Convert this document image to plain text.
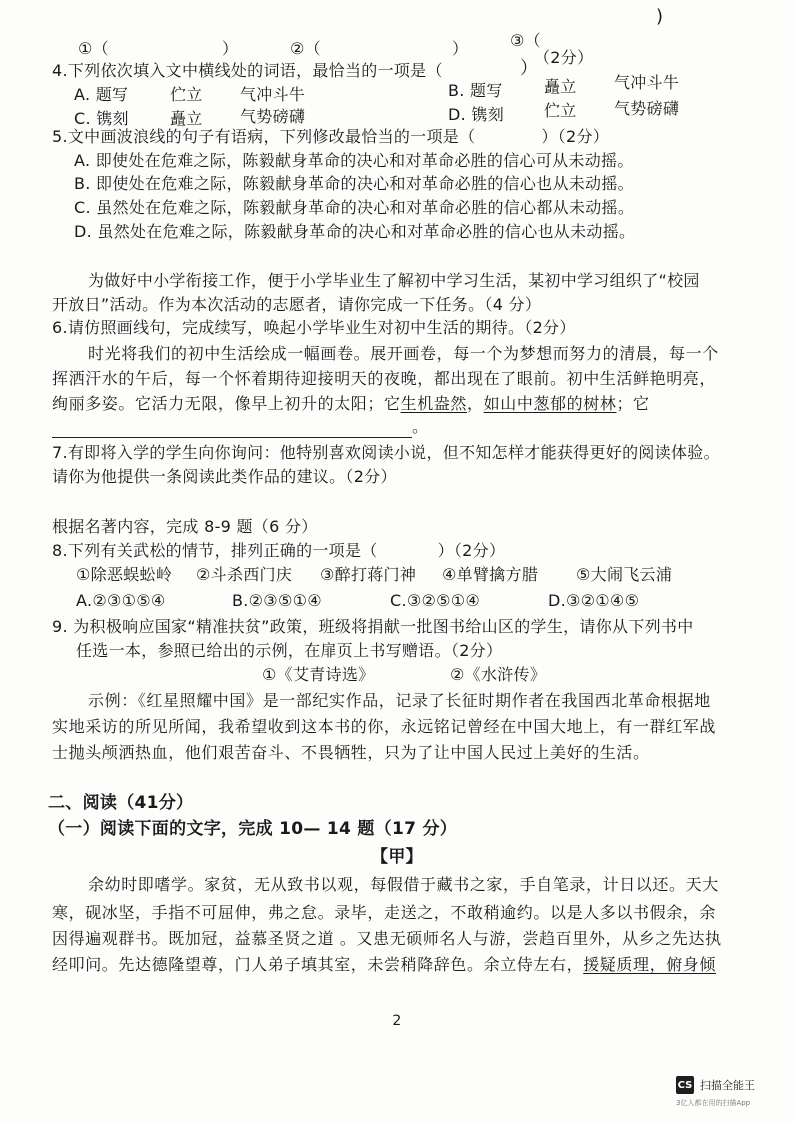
)
①（	）	②（	）	③（
（2分）
4.下列依次填入文中横线处的词语，最恰当的一项是（	）
A. 题写	伫立 气冲斗牛	B. 题写	矗立 气冲斗牛
C. 镌刻	矗立 气势磅礴	D. 镌刻	伫立 气势磅礴
5.文中画波浪线的句子有语病，下列修改最恰当的一项是（	）（2分）
A. 即使处在危难之际，陈毅献身革命的决心和对革命必胜的信心可从未动摇。
B. 即使处在危难之际，陈毅献身革命的决心和对革命必胜的信心也从未动摇。
C. 虽然处在危难之际，陈毅献身革命的决心和对革命必胜的信心都从未动摇。
D. 虽然处在危难之际，陈毅献身革命的决心和对革命必胜的信心也从未动摇。
为做好中小学衔接工作，便于小学毕业生了解初中学习生活，某初中学习组织了“校园
开放日”活动。作为本次活动的志愿者，请你完成一下任务。（4 分）
6.请仿照画线句，完成续写，唤起小学毕业生对初中生活的期待。（2分）
时光将我们的初中生活绘成一幅画卷。展开画卷，每一个为梦想而努力的清晨，每一个
挥洒汗水的午后，每一个怀着期待迎接明天的夜晚，都出现在了眼前。初中生活鲜艳明亮，
绚丽多姿。它活力无限，像早上初升的太阳；它生机盎然，如山中葱郁的树林；它
。
7.有即将入学的学生向你询问：他特别喜欢阅读小说，但不知怎样才能获得更好的阅读体验。
请你为他提供一条阅读此类作品的建议。（2分）
根据名著内容，完成 8-9 题（6 分）
8.下列有关武松的情节，排列正确的一项是（	）（2分）
①除恶蜈蚣岭 ②斗杀西门庆 ③醉打蒋门神 ④单臂擒方腊 ⑤大闹飞云浦
A.②③①⑤④	B.②③⑤①④	C.③②⑤①④	D.③②①④⑤
9. 为积极响应国家“精准扶贫”政策，班级将捐献一批图书给山区的学生，请你从下列书中
任选一本，参照已给出的示例，在扉页上书写赠语。（2分）
①《艾青诗选》	②《水浒传》
示例：《红星照耀中国》是一部纪实作品，记录了长征时期作者在我国西北革命根据地
实地采访的所见所闻，我希望收到这本书的你，永远铭记曾经在中国大地上，有一群红军战
士抛头颅洒热血，他们艰苦奋斗、不畏牺牲，只为了让中国人民过上美好的生活。
二、阅读（41分）
（一）阅读下面的文字，完成 10— 14 题（17 分）
【甲】
余幼时即嗜学。家贫，无从致书以观，每假借于藏书之家，手自笔录，计日以还。天大
寒，砚冰坚，手指不可屈伸，弗之怠。录毕，走送之，不敢稍逾约。以是人多以书假余，余
因得遍观群书。既加冠，益慕圣贤之道 。又患无硕师名人与游，尝趋百里外，从乡之先达执
经叩问。先达德隆望尊，门人弟子填其室，未尝稍降辞色。余立侍左右，援疑质理，俯身倾
2
CS 扫描全能王
3亿人都在用的扫描App
